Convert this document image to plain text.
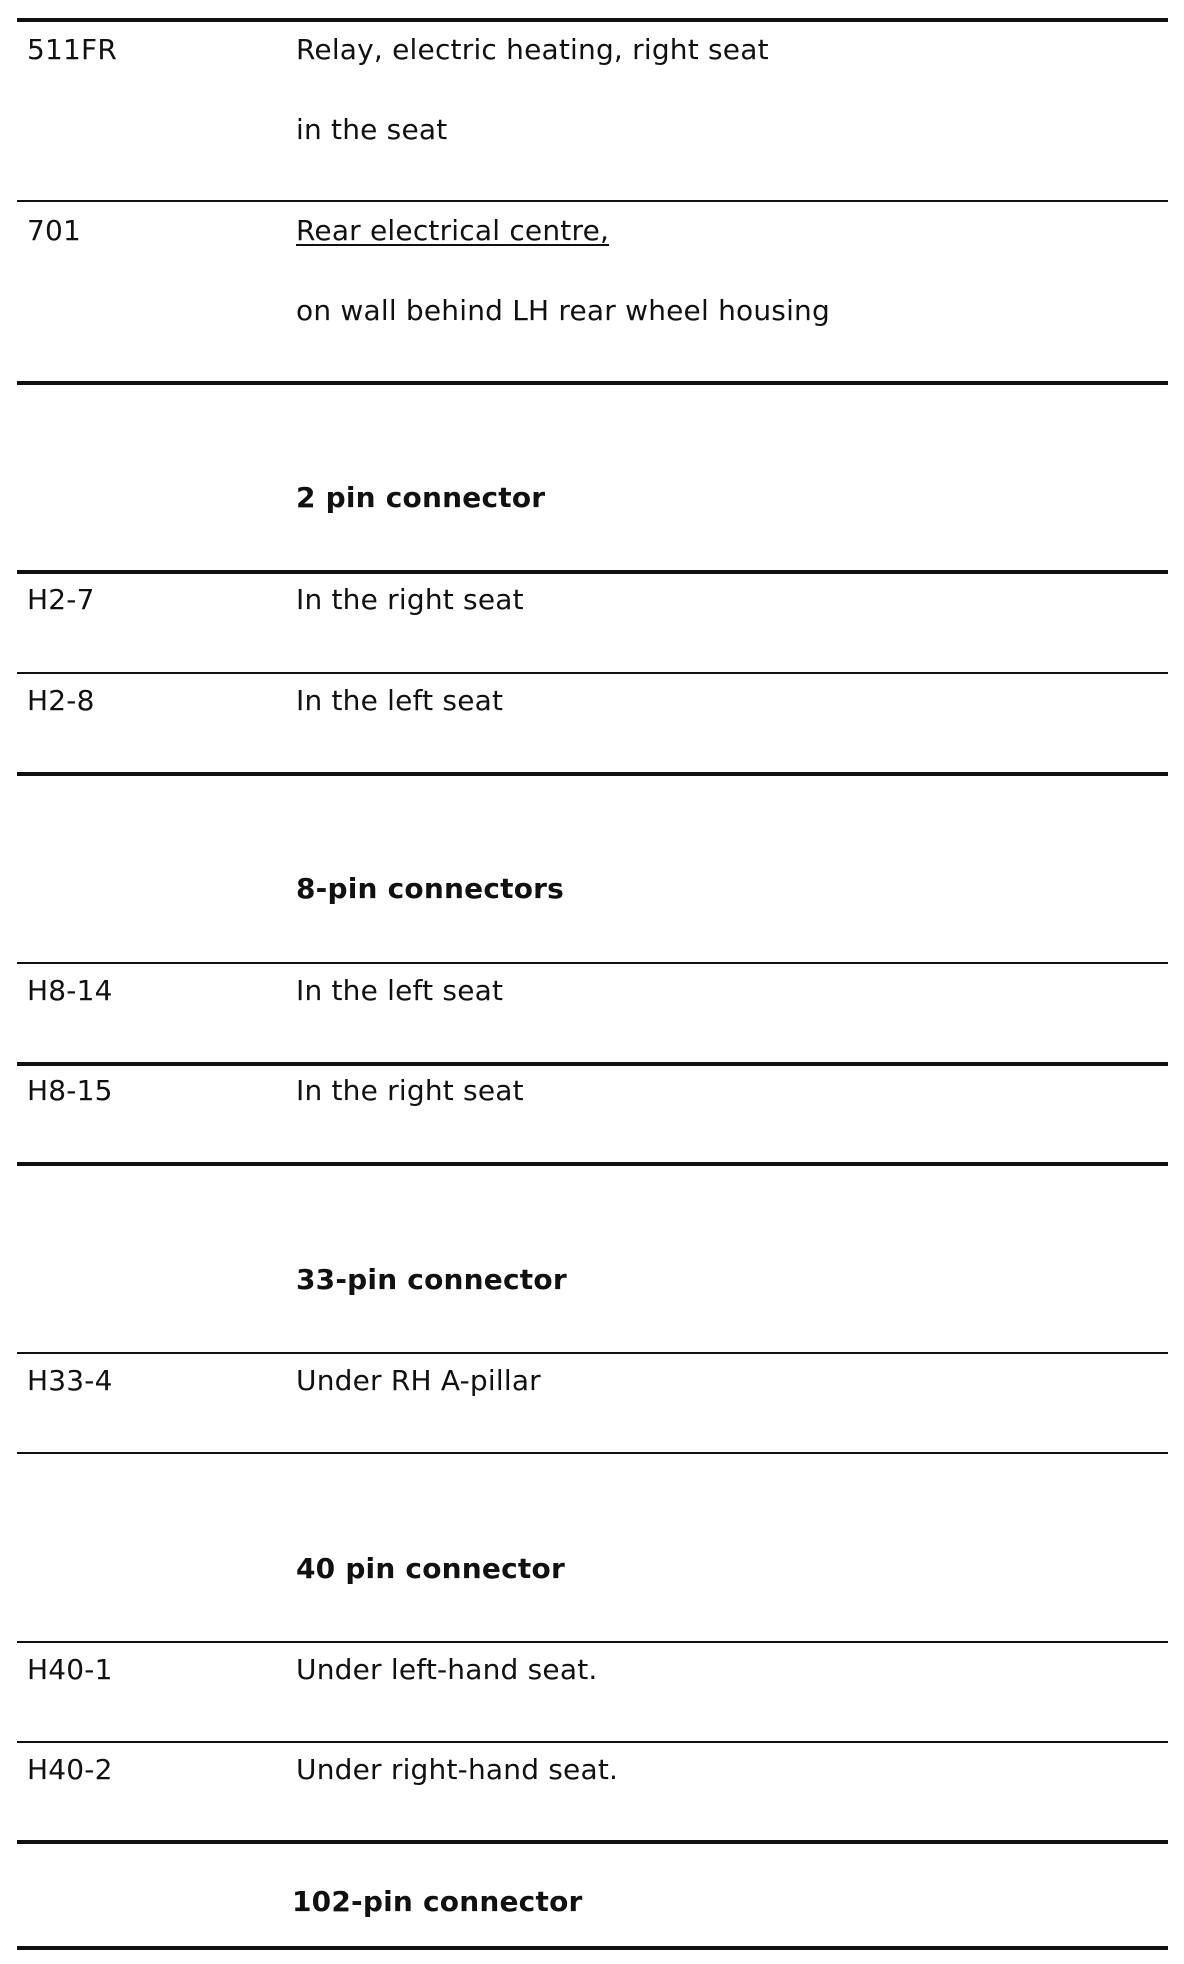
511FR	Relay, electric heating, right seat
in the seat
701	Rear electrical centre,
on wall behind LH rear wheel housing
2 pin connector
H2-7	In the right seat
H2-8	In the left seat
8-pin connectors
H8-14	In the left seat
H8-15	In the right seat
33-pin connector
H33-4	Under RH A-pillar
40 pin connector
H40-1	Under left-hand seat.
H40-2	Under right-hand seat.
102-pin connector
